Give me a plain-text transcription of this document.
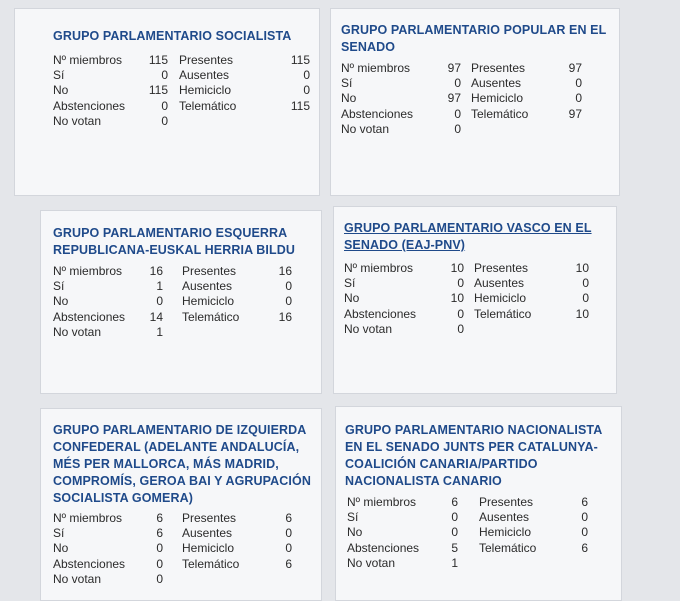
GRUPO PARLAMENTARIO SOCIALISTA
Nº miembros	115 Presentes	115
Sí	0 Ausentes	0
No	115 Hemiciclo	0
Abstenciones	0 Telemático	115
No votan	0
GRUPO PARLAMENTARIO POPULAR EN EL SENADO
Nº miembros	97 Presentes	97
Sí	0 Ausentes	0
No	97 Hemiciclo	0
Abstenciones	0 Telemático	97
No votan	0
GRUPO PARLAMENTARIO ESQUERRA REPUBLICANA-EUSKAL HERRIA BILDU
Nº miembros	16 Presentes	16
Sí	1 Ausentes	0
No	0 Hemiciclo	0
Abstenciones	14 Telemático	16
No votan	1
GRUPO PARLAMENTARIO VASCO EN EL SENADO (EAJ-PNV)
Nº miembros	10 Presentes	10
Sí	0 Ausentes	0
No	10 Hemiciclo	0
Abstenciones	0 Telemático	10
No votan	0
GRUPO PARLAMENTARIO DE IZQUIERDA CONFEDERAL (ADELANTE ANDALUCÍA, MÉS PER MALLORCA, MÁS MADRID, COMPROMÍS, GEROA BAI Y AGRUPACIÓN SOCIALISTA GOMERA)
Nº miembros	6 Presentes	6
Sí	6 Ausentes	0
No	0 Hemiciclo	0
Abstenciones	0 Telemático	6
No votan	0
GRUPO PARLAMENTARIO NACIONALISTA EN EL SENADO JUNTS PER CATALUNYA-COALICIÓN CANARIA/PARTIDO NACIONALISTA CANARIO
Nº miembros	6 Presentes	6
Sí	0 Ausentes	0
No	0 Hemiciclo	0
Abstenciones	5 Telemático	6
No votan	1
